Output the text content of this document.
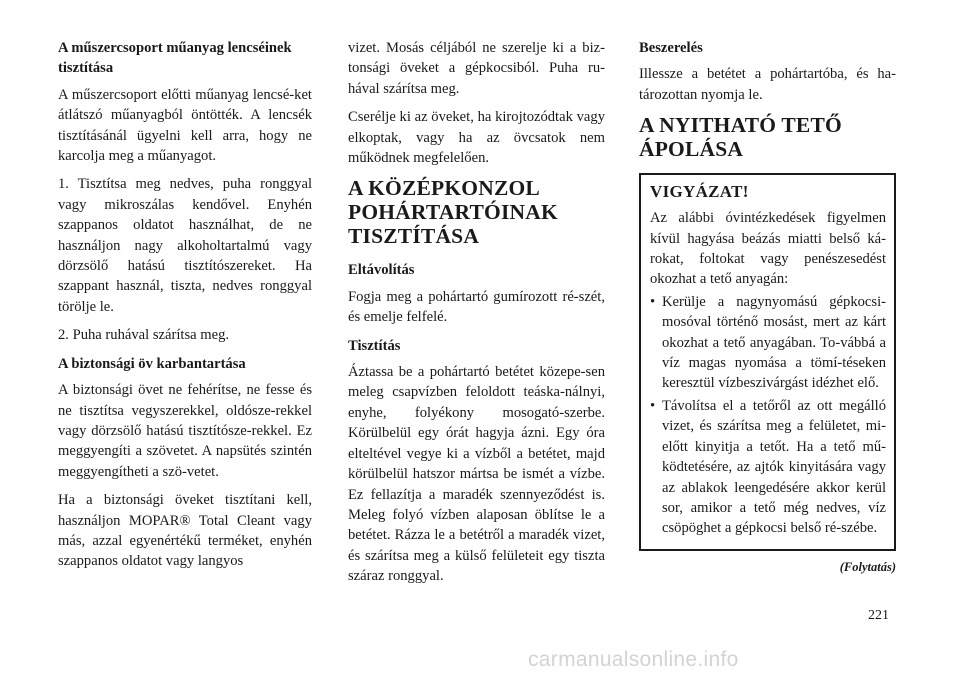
A műszercsoport műanyag lencséinek tisztítása

A műszercsoport előtti műanyag lencsé-ket átlátszó műanyagból öntötték. A lencsék tisztításánál ügyelni kell arra, hogy ne karcolja meg a műanyagot.

1. Tisztítsa meg nedves, puha ronggyal vagy mikroszálas kendővel. Enyhén szappanos oldatot használhat, de ne használjon nagy alkoholtartalmú vagy dörzsölő hatású tisztítószereket. Ha szappant használ, tiszta, nedves ronggyal törölje le.

2. Puha ruhával szárítsa meg.

A biztonsági öv karbantartása

A biztonsági övet ne fehérítse, ne fesse és ne tisztítsa vegyszerekkel, oldósze-rekkel vagy dörzsölő hatású tisztítósze-rekkel. Ez meggyengíti a szövetet. A napsütés szintén meggyengítheti a szö-vetet.

Ha a biztonsági öveket tisztítani kell, használjon MOPAR® Total Cleant vagy más, azzal egyenértékű terméket, enyhén szappanos oldatot vagy langyos

vizet. Mosás céljából ne szerelje ki a biz-tonsági öveket a gépkocsiból. Puha ru-hával szárítsa meg.

Cserélje ki az öveket, ha kirojtozódtak vagy elkoptak, vagy ha az övcsatok nem működnek megfelelően.

A KÖZÉPKONZOL POHÁRTARTÓINAK TISZTÍTÁSA
Eltávolítás

Fogja meg a pohártartó gumírozott ré-szét, és emelje felfelé.

Tisztítás

Áztassa be a pohártartó betétet közepe-sen meleg csapvízben feloldott teáska-nálnyi, enyhe, folyékony mosogató-szerbe. Körülbelül egy órát hagyja ázni. Egy óra elteltével vegye ki a vízből a betétet, majd körülbelül hatszor mártsa be ismét a vízbe. Ez fellazítja a maradék szennyeződést is. Meleg folyó vízben alaposan öblítse le a betétet. Rázza le a betétről a maradék vizet, és szárítsa meg a külső felületeit egy tiszta száraz ronggyal.

Beszerelés

Illessze a betétet a pohártartóba, és ha-tározottan nyomja le.

A NYITHATÓ TETŐ ÁPOLÁSA
VIGYÁZAT!

Az alábbi óvintézkedések figyelmen kívül hagyása beázás miatti belső ká-rokat, foltokat vagy penészesedést okozhat a tető anyagán:

• Kerülje a nagynyomású gépkocsi-mosóval történő mosást, mert az kárt okozhat a tető anyagában. To-vábbá a víz magas nyomása a tömí-téseken keresztül vízbeszivárgást idézhet elő.
• Távolítsa el a tetőről az ott megálló vizet, és szárítsa meg a felületet, mi-előtt kinyitja a tetőt. Ha a tető mű-ködtetésére, az ajtók kinyitására vagy az ablakok leengedésére akkor kerül sor, amikor a tető még nedves, víz csöpöghet a gépkocsi belső ré-szébe.
(Folytatás)
221
carmanualsonline.info
